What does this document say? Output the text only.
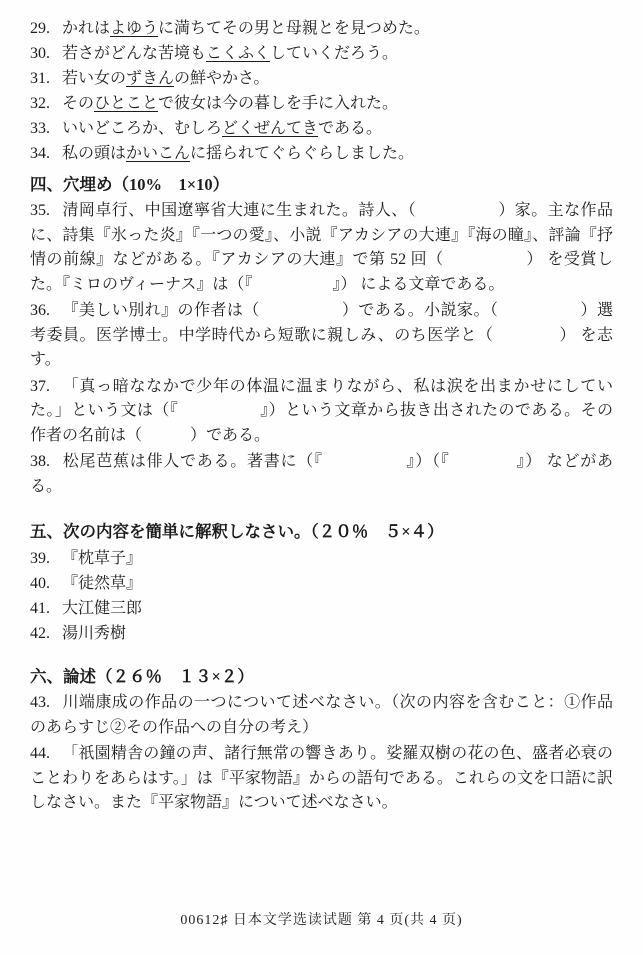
29. かれはよゆうに満ちてその男と母親とを見つめた。

30. 若さがどんな苦境もこくふくしていくだろう。

31. 若い女のずきんの鮮やかさ。

32. そのひとことで彼女は今の暮しを手に入れた。

33. いいどころか、むしろどくぜんてきである。

34. 私の頭はかいこんに揺られてぐらぐらしました。

四、穴埋め（10%　1×10）

35. 清岡卓行、中国遼寧省大連に生まれた。詩人、（　　　　　）家。主な作品に、詩集『氷った炎』『一つの愛』、小説『アカシアの大連』『海の瞳』、評論『抒情の前線』などがある。『アカシアの大連』で第 52 回（　　　　　） を受賞した。『ミロのヴィーナス』は（『　　　　　』） による文章である。

36. 『美しい別れ』の作者は（　　　　　）である。小説家。（　　　　　）選考委員。医学博士。中学時代から短歌に親しみ、のち医学と（　　　　） を志す。

37. 「真っ暗ななかで少年の体温に温まりながら、私は涙を出まかせにしていた。」という文は（『　　　　　』）という文章から抜き出されたのである。その作者の名前は（　　　）である。

38. 松尾芭蕉は俳人である。著書に（『　　　　　』）（『　　　　』） などがある。

五、次の内容を簡単に解釈しなさい。（２０％　５×４）

39. 『枕草子』

40. 『徒然草』

41. 大江健三郎

42. 湯川秀樹

六、論述（２６％　１３×２）

43. 川端康成の作品の一つについて述べなさい。（次の内容を含むこと：①作品のあらすじ②その作品への自分の考え）

44. 「祇園精舎の鐘の声、諸行無常の響きあり。娑羅双樹の花の色、盛者必衰のことわりをあらはす。」は『平家物語』からの語句である。これらの文を口語に訳しなさい。また『平家物語』について述べなさい。

00612♯ 日本文学选读试题 第 4 页(共 4 页)
